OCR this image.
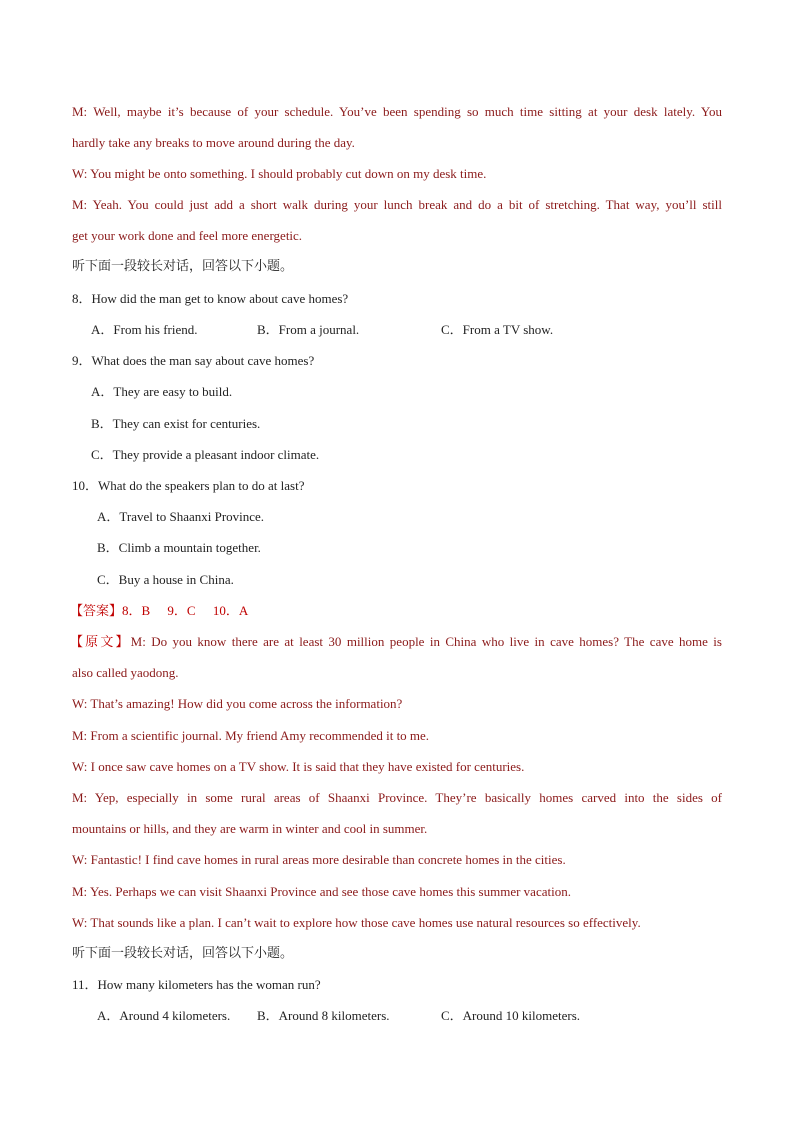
M: Well, maybe it’s because of your schedule. You’ve been spending so much time sitting at your desk lately. You
hardly take any breaks to move around during the day.
W: You might be onto something. I should probably cut down on my desk time.
M: Yeah. You could just add a short walk during your lunch break and do a bit of stretching. That way, you’ll still
get your work done and feel more energetic.
听下面一段较长对话，回答以下小题。
8．How did the man get to know about cave homes?
A．From his friend.	B．From a journal.	C．From a TV show.
9．What does the man say about cave homes?
A．They are easy to build.
B．They can exist for centuries.
C．They provide a pleasant indoor climate.
10．What do the speakers plan to do at last?
A．Travel to Shaanxi Province.
B．Climb a mountain together.
C．Buy a house in China.
【答案】8．B 9．C 10．A
【原文】M: Do you know there are at least 30 million people in China who live in cave homes? The cave home is
also called yaodong.
W: That’s amazing! How did you come across the information?
M: From a scientific journal. My friend Amy recommended it to me.
W: I once saw cave homes on a TV show. It is said that they have existed for centuries.
M: Yep, especially in some rural areas of Shaanxi Province. They’re basically homes carved into the sides of
mountains or hills, and they are warm in winter and cool in summer.
W: Fantastic! I find cave homes in rural areas more desirable than concrete homes in the cities.
M: Yes. Perhaps we can visit Shaanxi Province and see those cave homes this summer vacation.
W: That sounds like a plan. I can’t wait to explore how those cave homes use natural resources so effectively.
听下面一段较长对话，回答以下小题。
11．How many kilometers has the woman run?
A．Around 4 kilometers. B．Around 8 kilometers.	C．Around 10 kilometers.
